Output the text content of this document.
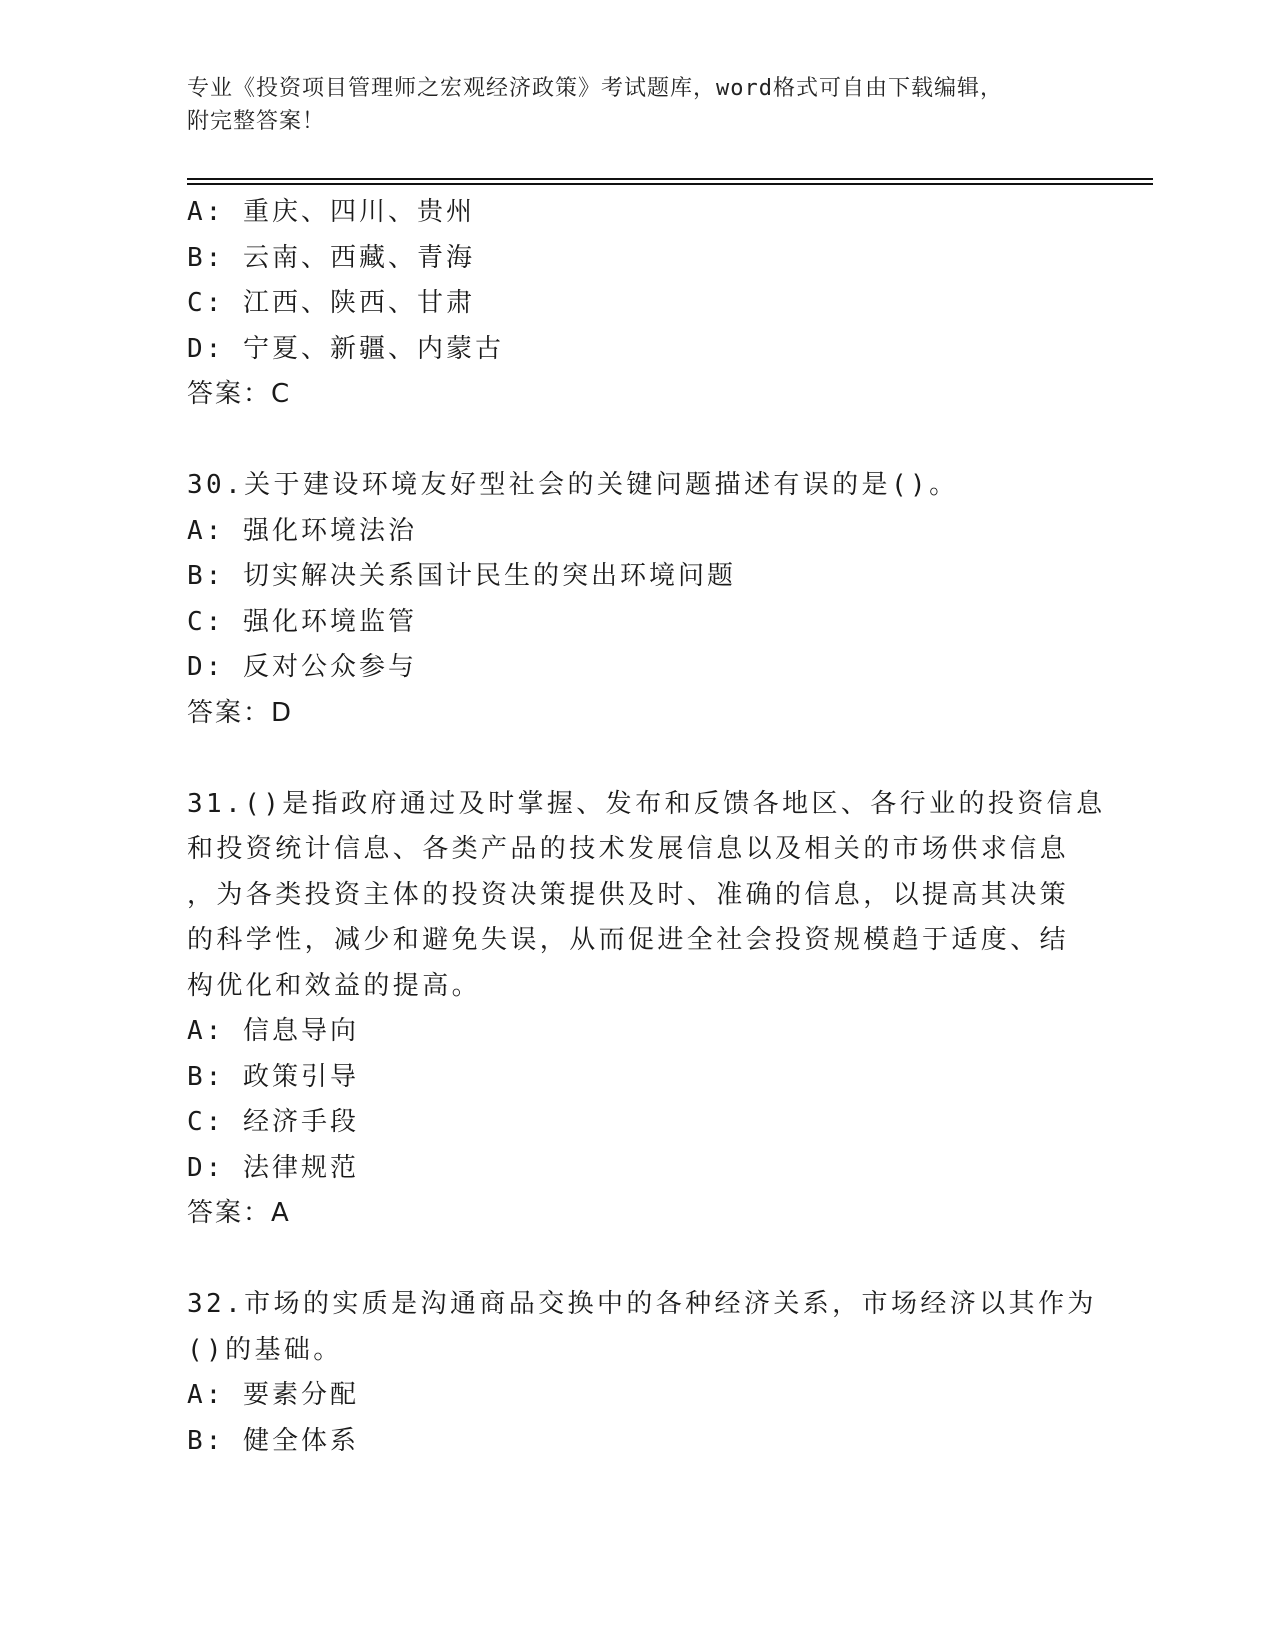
专业《投资项目管理师之宏观经济政策》考试题库，word格式可自由下载编辑，
附完整答案！
A: 重庆、四川、贵州
B: 云南、西藏、青海
C: 江西、陕西、甘肃
D: 宁夏、新疆、内蒙古
答案：C
30.关于建设环境友好型社会的关键问题描述有误的是()。
A: 强化环境法治
B: 切实解决关系国计民生的突出环境问题
C: 强化环境监管
D: 反对公众参与
答案：D
31.()是指政府通过及时掌握、发布和反馈各地区、各行业的投资信息
和投资统计信息、各类产品的技术发展信息以及相关的市场供求信息
，为各类投资主体的投资决策提供及时、准确的信息，以提高其决策
的科学性，减少和避免失误，从而促进全社会投资规模趋于适度、结
构优化和效益的提高。
A: 信息导向
B: 政策引导
C: 经济手段
D: 法律规范
答案：A
32.市场的实质是沟通商品交换中的各种经济关系，市场经济以其作为
()的基础。
A: 要素分配
B: 健全体系
